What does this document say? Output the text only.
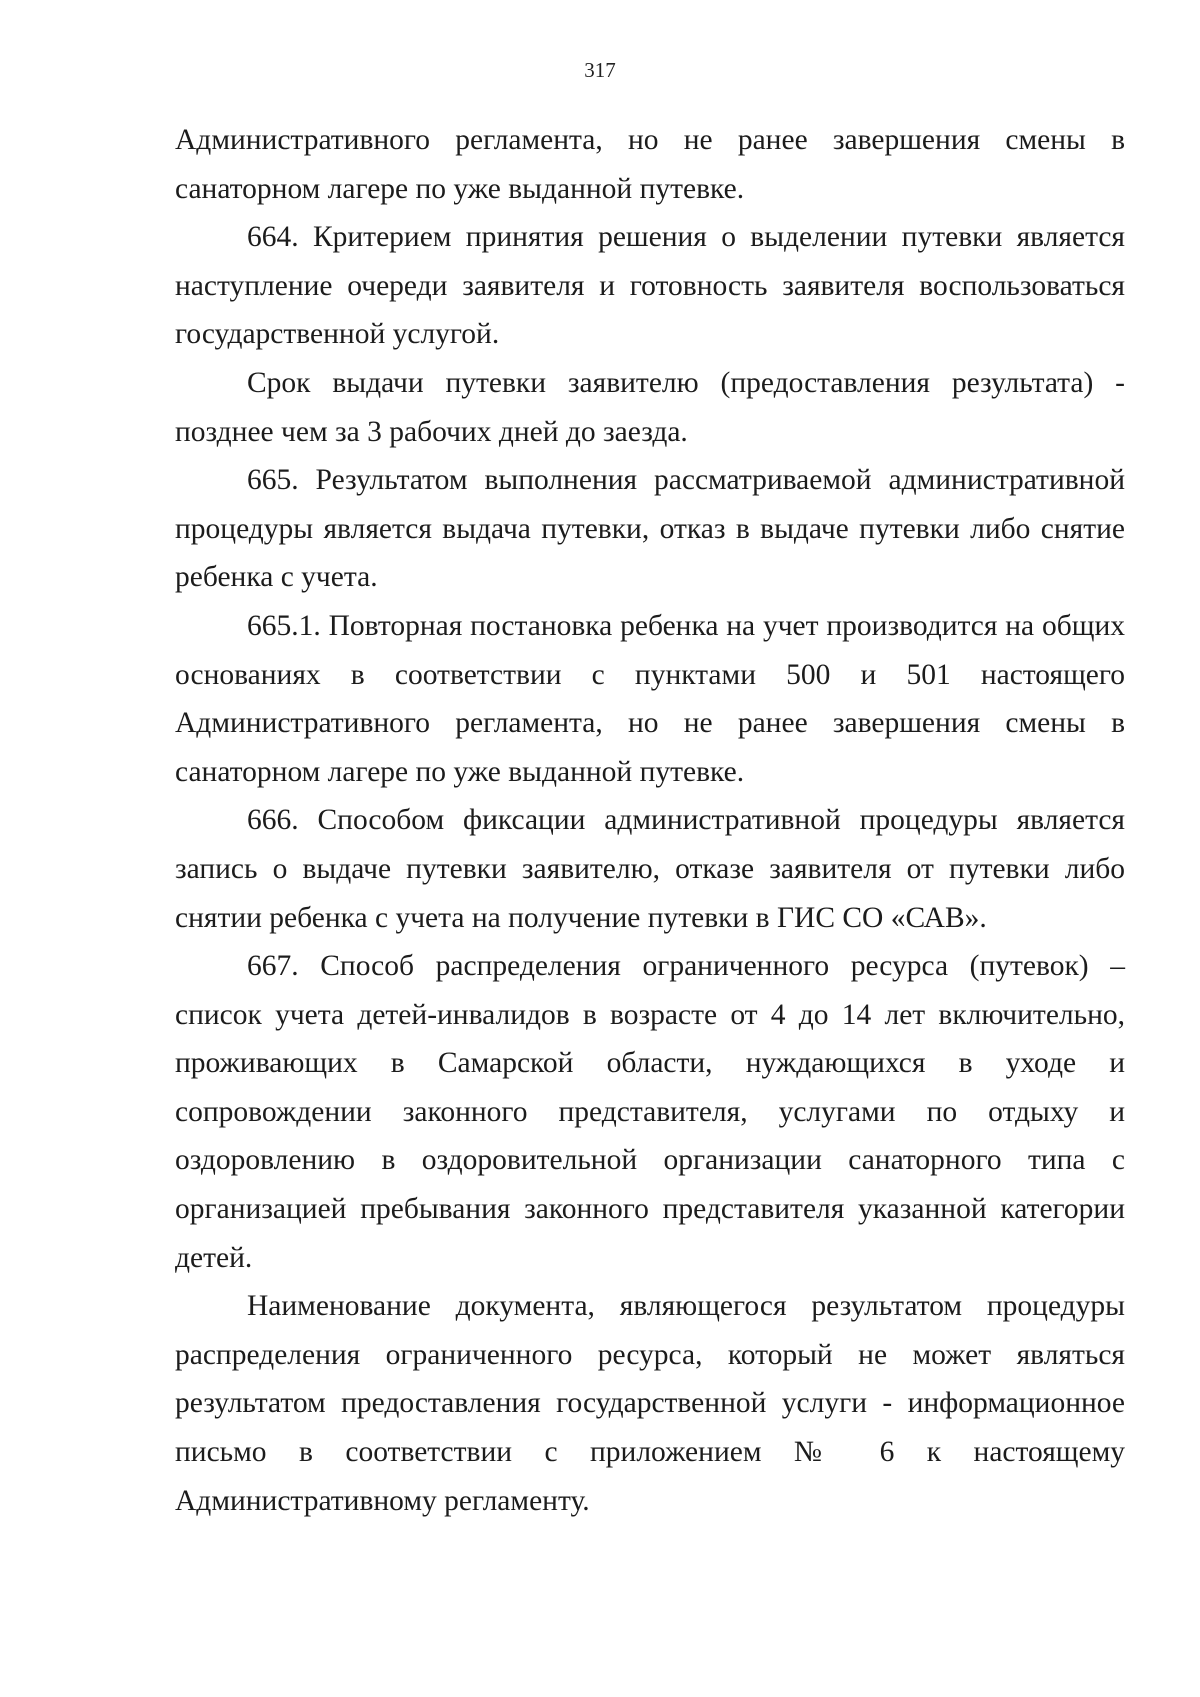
317

Административного регламента, но не ранее завершения смены в санаторном лагере по уже выданной путевке.

664. Критерием принятия решения о выделении путевки является наступление очереди заявителя и готовность заявителя воспользоваться государственной услугой.

Срок выдачи путевки заявителю (предоставления результата) - позднее чем за 3 рабочих дней до заезда.

665. Результатом выполнения рассматриваемой административной процедуры является выдача путевки, отказ в выдаче путевки либо снятие ребенка с учета.

665.1. Повторная постановка ребенка на учет производится на общих основаниях в соответствии с пунктами 500 и 501 настоящего Административного регламента, но не ранее завершения смены в санаторном лагере по уже выданной путевке.

666. Способом фиксации административной процедуры является запись о выдаче путевки заявителю, отказе заявителя от путевки либо снятии ребенка с учета на получение путевки в ГИС СО «САВ».

667. Способ распределения ограниченного ресурса (путевок) – список учета детей-инвалидов в возрасте от 4 до 14 лет включительно, проживающих в Самарской области, нуждающихся в уходе и сопровождении законного представителя, услугами по отдыху и оздоровлению в оздоровительной организации санаторного типа с организацией пребывания законного представителя указанной категории детей.

Наименование документа, являющегося результатом процедуры распределения ограниченного ресурса, который не может являться результатом предоставления государственной услуги - информационное письмо в соответствии с приложением № 6 к настоящему Административному регламенту.
